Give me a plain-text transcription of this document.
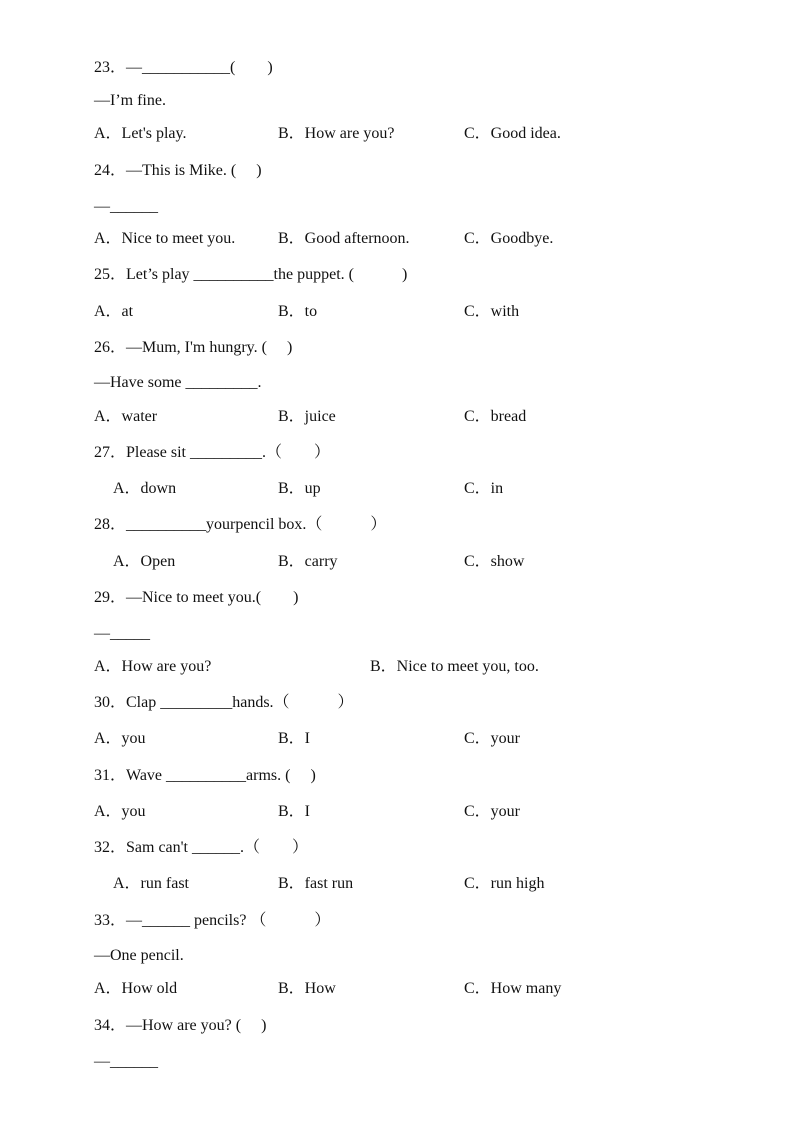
23．—___________(　　)
—I’m fine.
A．Let's play.	B．How are you?	C．Good idea.
24．—This is Mike. (　 )
—______
A．Nice to meet you.	B．Good afternoon.	C．Goodbye.
25．Let’s play __________the puppet. (　　　)
A．at	B．to	C．with
26．—Mum, I'm hungry. (　 )
—Have some _________.
A．water	B．juice	C．bread
27．Please sit _________.（　　）
A．down	B．up	C．in
28．__________yourpencil box.（　　　）
A．Open	B．carry	C．show
29．—Nice to meet you.(　　)
—_____
A．How are you?	B．Nice to meet you, too.
30．Clap _________hands.（　　　）
A．you	B．I	C．your
31．Wave __________arms. (　 )
A．you	B．I	C．your
32．Sam can't ______.（　　）
A．run fast	B．fast run	C．run high
33．—______ pencils? （　　　）
—One pencil.
A．How old	B．How	C．How many
34．—How are you? (　 )
—______
